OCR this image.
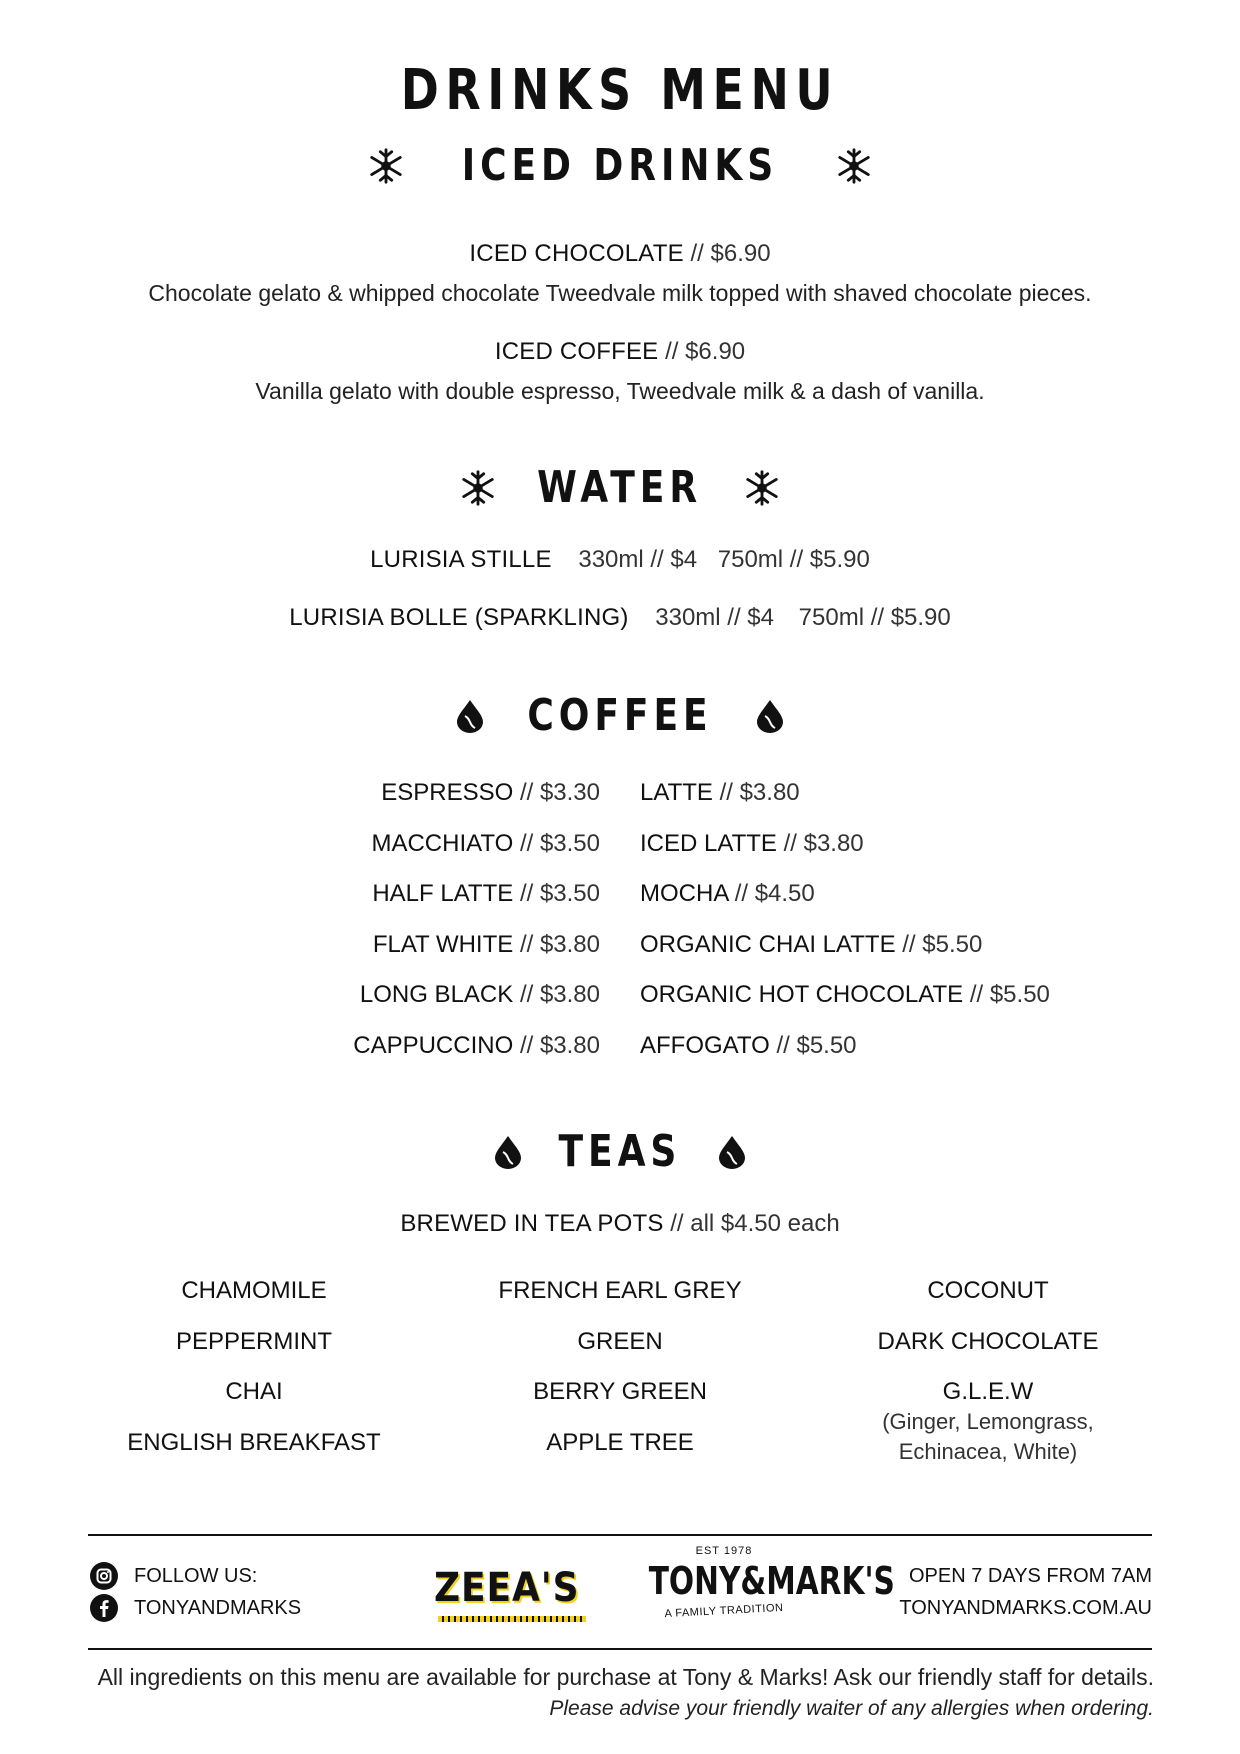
DRINKS MENU
ICED DRINKS
ICED CHOCOLATE // $6.90
Chocolate gelato & whipped chocolate Tweedvale milk topped with shaved chocolate pieces.
ICED COFFEE // $6.90
Vanilla gelato with double espresso, Tweedvale milk & a dash of vanilla.
WATER
LURISIA STILLE 330ml // $4 750ml // $5.90
LURISIA BOLLE (SPARKLING) 330ml // $4 750ml // $5.90
COFFEE
ESPRESSO // $3.30
MACCHIATO // $3.50
HALF LATTE // $3.50
FLAT WHITE // $3.80
LONG BLACK // $3.80
CAPPUCCINO // $3.80
LATTE // $3.80
ICED LATTE // $3.80
MOCHA // $4.50
ORGANIC CHAI LATTE // $5.50
ORGANIC HOT CHOCOLATE // $5.50
AFFOGATO // $5.50
TEAS
BREWED IN TEA POTS // all $4.50 each
CHAMOMILE
PEPPERMINT
CHAI
ENGLISH BREAKFAST
FRENCH EARL GREY
GREEN
BERRY GREEN
APPLE TREE
COCONUT
DARK CHOCOLATE
G.L.E.W
(Ginger, Lemongrass,
Echinacea, White)
FOLLOW US:
TONYANDMARKS	ZEEA'S
EST 1978
TONY&MARK'S
A FAMILY TRADITION
OPEN 7 DAYS FROM 7AM
TONYANDMARKS.COM.AU
All ingredients on this menu are available for purchase at Tony & Marks! Ask our friendly staff for details.
Please advise your friendly waiter of any allergies when ordering.
